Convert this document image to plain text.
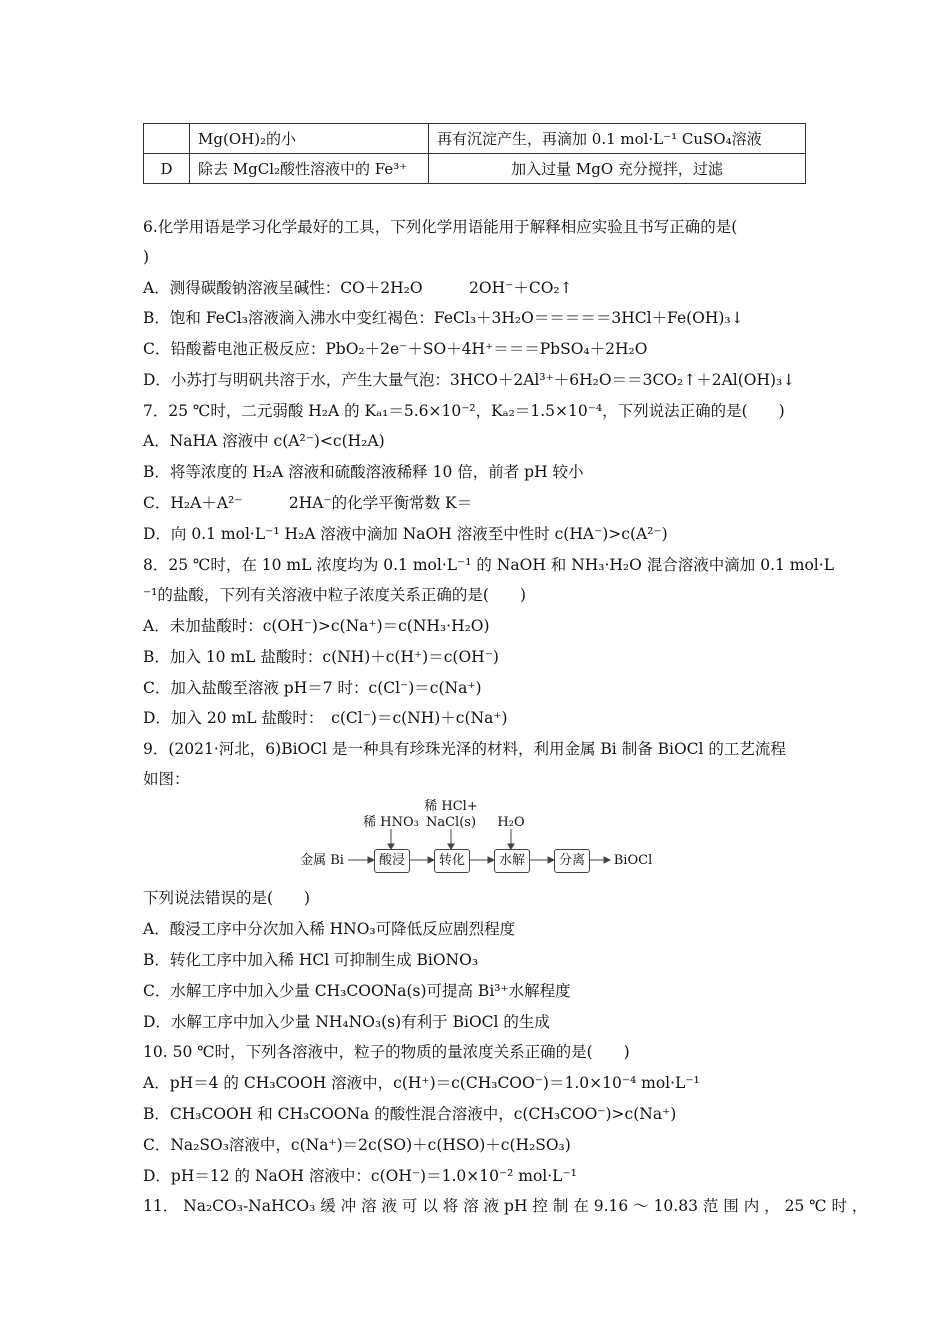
	Mg(OH)₂的小	再有沉淀产生，再滴加 0.1 mol·L⁻¹ CuSO₄溶液
D	除去 MgCl₂酸性溶液中的 Fe³⁺	加入过量 MgO 充分搅拌，过滤
6.化学用语是学习化学最好的工具，下列化学用语能用于解释相应实验且书写正确的是(
)
A．测得碳酸钠溶液呈碱性：CO＋2H₂O   2OH⁻＋CO₂↑
B．饱和 FeCl₃溶液滴入沸水中变红褐色：FeCl₃＋3H₂O＝＝＝＝＝3HCl＋Fe(OH)₃↓
C．铅酸蓄电池正极反应：PbO₂＋2e⁻＋SO＋4H⁺＝＝＝PbSO₄＋2H₂O
D．小苏打与明矾共溶于水，产生大量气泡：3HCO＋2Al³⁺＋6H₂O＝＝3CO₂↑＋2Al(OH)₃↓
7．25 ℃时，二元弱酸 H₂A 的 Kₐ₁＝5.6×10⁻²，Kₐ₂＝1.5×10⁻⁴，下列说法正确的是(　　)
A．NaHA 溶液中 c(A²⁻)<c(H₂A)
B．将等浓度的 H₂A 溶液和硫酸溶液稀释 10 倍，前者 pH 较小
C．H₂A＋A²⁻   2HA⁻的化学平衡常数 K＝
D．向 0.1 mol·L⁻¹ H₂A 溶液中滴加 NaOH 溶液至中性时 c(HA⁻)>c(A²⁻)
8．25 ℃时，在 10 mL 浓度均为 0.1 mol·L⁻¹ 的 NaOH 和 NH₃·H₂O 混合溶液中滴加 0.1 mol·L
⁻¹的盐酸，下列有关溶液中粒子浓度关系正确的是(　　)
A．未加盐酸时：c(OH⁻)>c(Na⁺)＝c(NH₃·H₂O)
B．加入 10 mL 盐酸时：c(NH)＋c(H⁺)＝c(OH⁻)
C．加入盐酸至溶液 pH＝7 时：c(Cl⁻)＝c(Na⁺)
D．加入 20 mL 盐酸时： c(Cl⁻)＝c(NH)＋c(Na⁺)
9．(2021·河北，6)BiOCl 是一种具有珍珠光泽的材料，利用金属 Bi 制备 BiOCl 的工艺流程
如图：
金属 Bi	酸浸	转化	水解	分离	BiOCl
稀 HNO₃
稀 HCl+
NaCl(s)	H₂O
下列说法错误的是(　　)
A．酸浸工序中分次加入稀 HNO₃可降低反应剧烈程度
B．转化工序中加入稀 HCl 可抑制生成 BiONO₃
C．水解工序中加入少量 CH₃COONa(s)可提高 Bi³⁺水解程度
D．水解工序中加入少量 NH₄NO₃(s)有利于 BiOCl 的生成
10. 50 ℃时，下列各溶液中，粒子的物质的量浓度关系正确的是(　　)
A．pH＝4 的 CH₃COOH 溶液中，c(H⁺)＝c(CH₃COO⁻)＝1.0×10⁻⁴ mol·L⁻¹
B．CH₃COOH 和 CH₃COONa 的酸性混合溶液中，c(CH₃COO⁻)>c(Na⁺)
C．Na₂SO₃溶液中，c(Na⁺)＝2c(SO)＋c(HSO)＋c(H₂SO₃)
D．pH＝12 的 NaOH 溶液中：c(OH⁻)＝1.0×10⁻² mol·L⁻¹
11． Na₂CO₃-NaHCO₃ 缓 冲 溶 液 可 以 将 溶 液 pH 控 制 在 9.16 ～ 10.83 范 围 内 ， 25 ℃ 时 ，
